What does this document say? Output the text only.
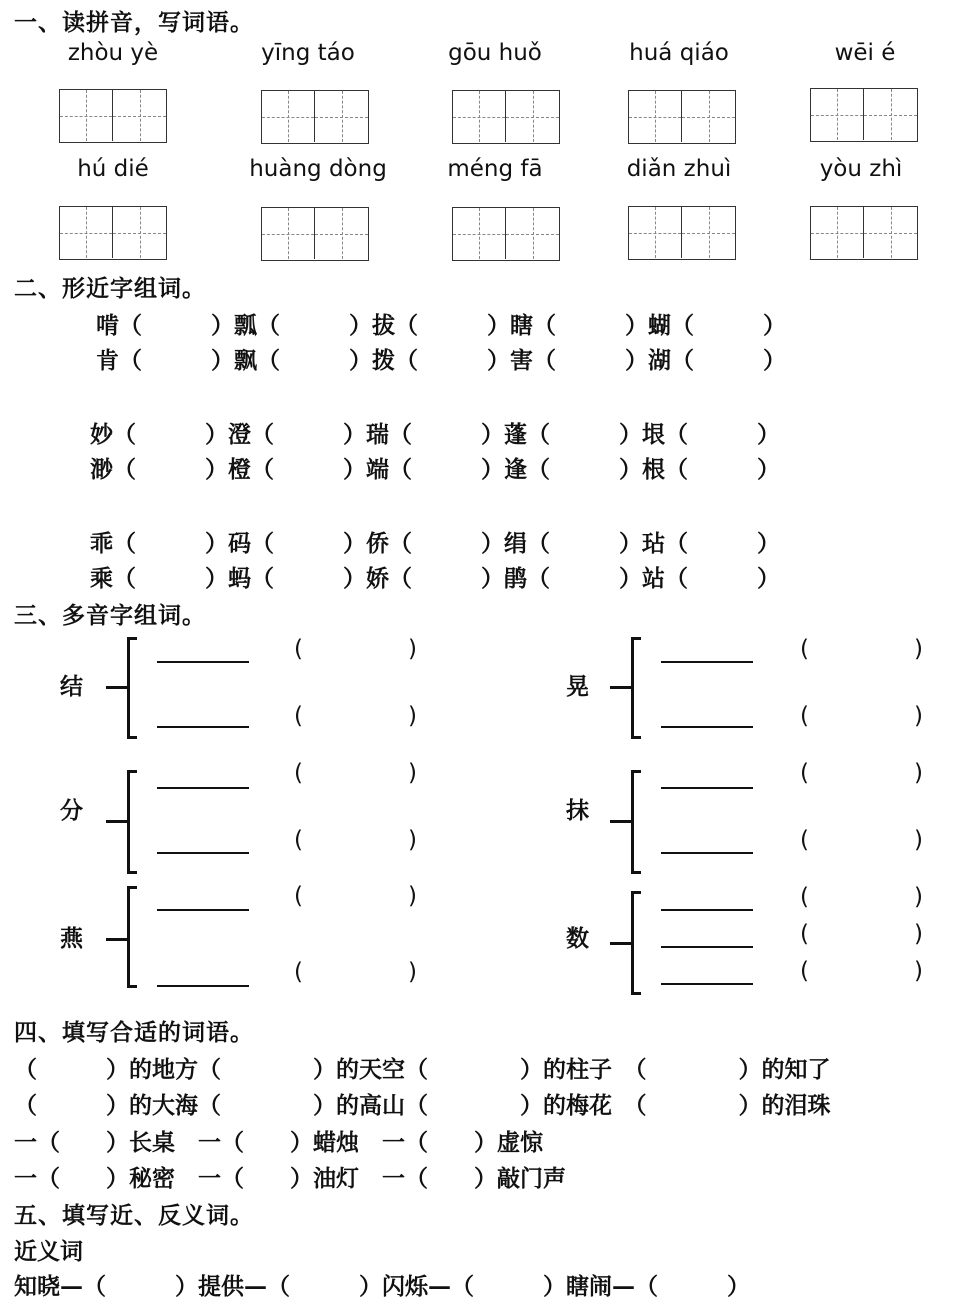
一、读拼音，写词语。
zhòu yè	yīng táo	gōu huǒ	huá qiáo	wēi é
hú dié	huàng dòng	méng fā	diǎn zhuì	yòu zhì
二、形近字组词。
啃（　　　）瓢（　　　）拔（　　　）瞎（　　　）蝴（　　　）
肯（　　　）飘（　　　）拨（　　　）害（　　　）湖（　　　）
妙（　　　）澄（　　　）瑞（　　　）蓬（　　　）垠（　　　）
渺（　　　）橙（　　　）端（　　　）逢（　　　）根（　　　）
乖（　　　）码（　　　）侨（　　　）绢（　　　）玷（　　　）
乘（　　　）蚂（　　　）娇（　　　）鹃（　　　）站（　　　）
三、多音字组词。
结
(	)
(	)
分
(	)
(	)
燕
(	)
(	)
晃
(	)
(	)
抹
(	)
(	)
数
(	)
(	)
(	)
四、填写合适的词语。
（　　　）的地方（　　　　）的天空（　　　　）的柱子　（　　　　）的知了
（　　　）的大海（　　　　）的高山（　　　　）的梅花　（　　　　）的泪珠
一（　　）长桌　一（　　）蜡烛　一（　　）虚惊
一（　　）秘密　一（　　）油灯　一（　　）敲门声
五、填写近、反义词。
近义词
知晓—（　　　）提供—（　　　）闪烁—（　　　）瞎闹—（　　　）
